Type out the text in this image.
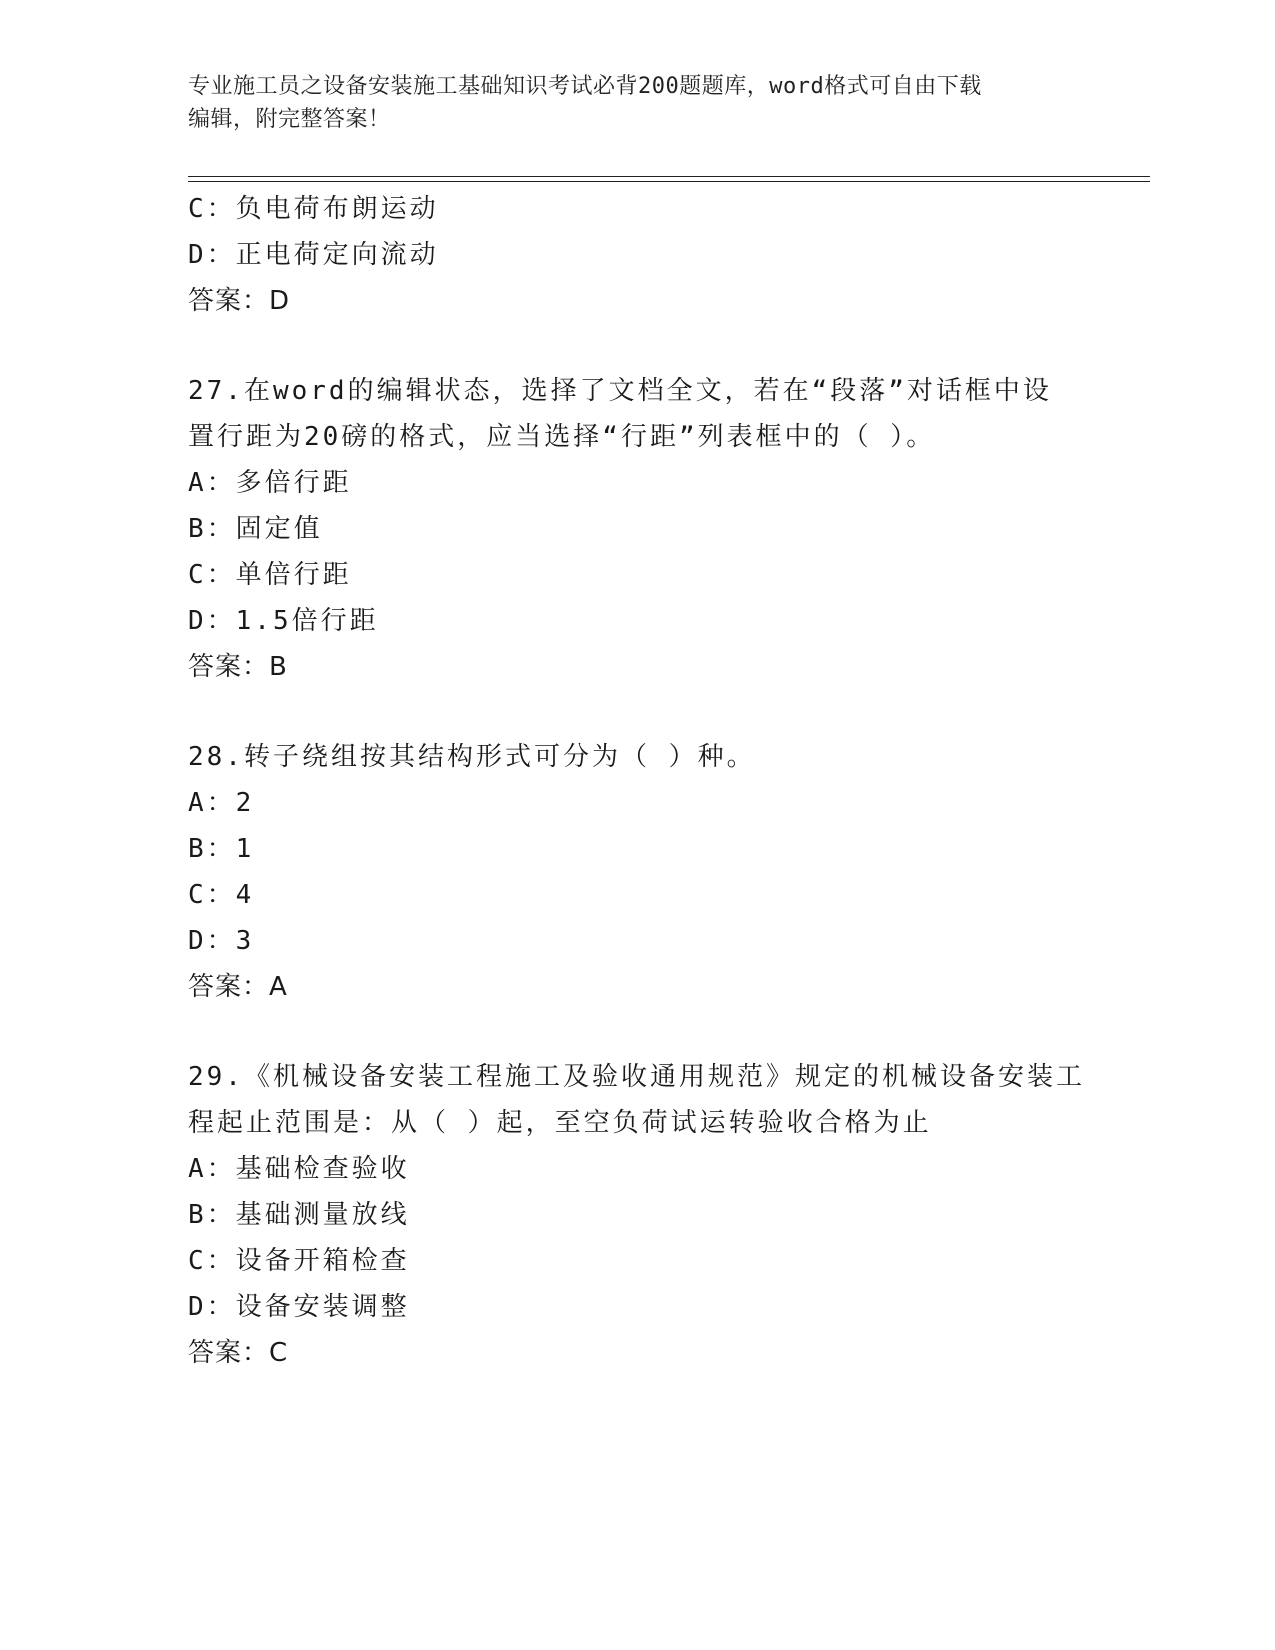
专业施工员之设备安装施工基础知识考试必背200题题库，word格式可自由下载
编辑，附完整答案！
C：负电荷布朗运动
D：正电荷定向流动
答案：D
27.在word的编辑状态，选择了文档全文，若在“段落”对话框中设
置行距为20磅的格式，应当选择“行距”列表框中的（ ）。
A：多倍行距
B：固定值
C：单倍行距
D：1.5倍行距
答案：B
28.转子绕组按其结构形式可分为（ ）种。
A：2
B：1
C：4
D：3
答案：A
29.《机械设备安装工程施工及验收通用规范》规定的机械设备安装工
程起止范围是：从（ ）起，至空负荷试运转验收合格为止
A：基础检查验收
B：基础测量放线
C：设备开箱检查
D：设备安装调整
答案：C
